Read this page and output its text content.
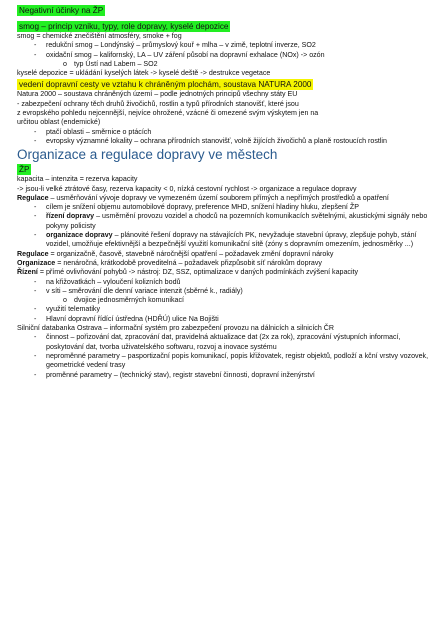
Negativní účinky na ŽP
smog – princip vzniku, typy, role dopravy, kyselé depozice

smog = chemické znečištění atmosféry, smoke + fog

- redukční smog – Londýnský – průmyslový kouř + mlha – v zimě, teplotní inverze, SO2
- oxidační smog – kalifornský, LA – UV záření působí na dopravní exhalace (NOx) -> ozón
o typ Ústí nad Labem – SO2

kyselé depozice = ukládání kyselých látek -> kyselé deště -> destrukce vegetace

vedení dopravní cesty ve vztahu k chráněným plochám, soustava NATURA 2000

Natura 2000 – soustava chráněných území – podle jednotných principů všechny státy EU

- zabezpečení ochrany těch druhů živočichů, rostlin a typů přírodních stanovišť, které jsou

z evropského pohledu nejcennější, nejvíce ohrožené, vzácné či omezené svým výskytem jen na

určitou oblast (endemické)

- ptačí oblasti – směrnice o ptácích
- evropsky významné lokality – ochrana přírodních stanovišť, volně žijících živočichů a planě rostoucích rostlin
Organizace a regulace dopravy ve městech
ŽP

kapacita – intenzita = rezerva kapacity

-> jsou-li velké ztrátové časy, rezerva kapacity < 0, nízká cestovní rychlost -> organizace a regulace dopravy

Regulace – usměrňování vývoje dopravy ve vymezeném území souborem přímých a nepřímých prostředků a opatření

- cílem je snížení objemu automobilové dopravy, preference MHD, snížení hladiny hluku, zlepšení ŽP
- řízení dopravy – usměrnění provozu vozidel a chodců na pozemních komunikacích světelnými, akustickými signály nebo pokyny policisty
- organizace dopravy – plánovité řešení dopravy na stávajících PK, nevyžaduje stavební úpravy, zlepšuje pohyb, stání vozidel, umožňuje efektivnější a bezpečnější využití komunikační sítě (zóny s dopravním omezením, jednosměrky ...)

Regulace = organizačně, časově, stavebně náročnější opatření – požadavek změní dopravní nároky

Organizace = nenáročná, krátkodobě proveditelná – požadavek přizpůsobit síť nárokům dopravy

Řízení = přímé ovlivňování pohybů -> nástroj: DZ, SSZ, optimalizace v daných podmínkách zvýšení kapacity

- na křižovatkách – vyloučení kolizních bodů
- v síti – směrování dle denní variace intenzit (sběrné k., radiály)
o dvojice jednosměrných komunikací
- využití telematiky
- Hlavní dopravní řídící ústředna (HDŘÚ) ulice Na Bojišti

Silniční databanka Ostrava – informační systém pro zabezpečení provozu na dálnicích a silnicích ČR

- činnost – pořizování dat, zpracování dat, pravidelná aktualizace dat (2x za rok), zpracování výstupních informací, poskytování dat, tvorba uživatelského softwaru, rozvoj a inovace systému
- neproměnné parametry – pasportizační popis komunikací, popis křižovatek, registr objektů, podloží a kční vrstvy vozovek, geometrické vedení trasy
- proměnné parametry – (technický stav), registr stavební činnosti, dopravní inženýrství
